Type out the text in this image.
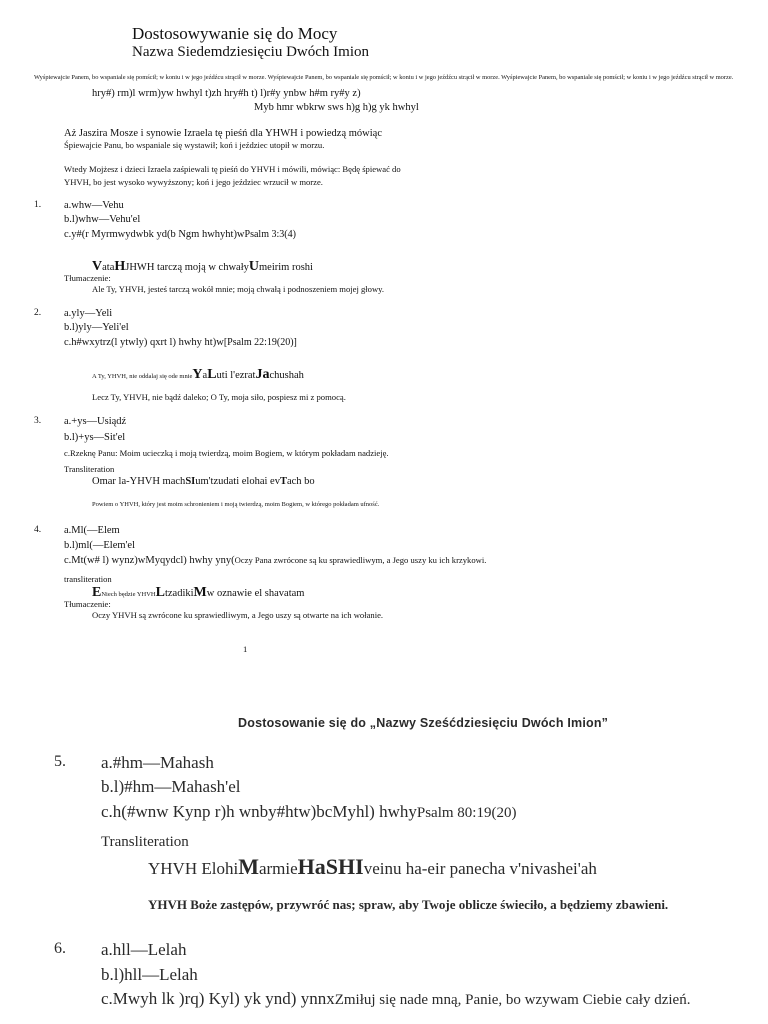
Dostosowywanie się do Mocy
Nazwa Siedemdziesięciu Dwóch Imion
Wyśpiewajcie Panem, bo wspaniale się pomścił; w koniu i w jego jeźdźcu strącił w morze. Wyśpiewajcie Panem, bo wspaniale się pomścił; w koniu i w jego jeźdźcu strącił w morze. Wyśpiewajcie Panem, bo wspaniale się pomścił; w koniu i w jego jeźdźcu strącił w morze.
hry#) rm)l wrm)yw hwhyl t)zh hry#h t) l)r#y ynbw h#m ry#y z)
Myb hmr wbkrw sws h)g h)g yk hwhyl
Aż Jaszira Mosze i synowie Izraela tę pieśń dla YHWH i powiedzą mówiąc
Śpiewajcie Panu, bo wspaniale się wystawił; koń i jeździec utopił w morzu.
Wtedy Mojżesz i dzieci Izraela zaśpiewali tę pieśń do YHVH i mówili, mówiąc: Będę śpiewać do
YHVH, bo jest wysoko wywyższony; koń i jego jeździec wrzucił w morze.
1. a.whw—Vehu
b.l)whw—Vehu'el
c.y#(r Myrmwydwbk yd(b Ngm hwhyht)wPsalm 3:3(4)
VataHJHWH tarczą moją w chwałyUmeirim roshi
Tłumaczenie:
Ale Ty, YHVH, jesteś tarczą wokół mnie; moją chwałą i podnoszeniem mojej głowy.
2. a.yly—Yeli
b.l)yly—Yeli'el
c.h#wxytrz(l ytwly) qxrt l) hwhy ht)w[Psalm 22:19(20)]
A Ty, YHVH, nie oddalaj się ode mnieYaLuti l'ezratJachushah
Lecz Ty, YHVH, nie bądź daleko; O Ty, moja siło, pospiesz mi z pomocą.
3. a.+ys—Usiądź
b.l)+ys—Sit'el
c.Rzeknę Panu: Moim ucieczką i moją twierdzą, moim Bogiem, w którym pokładam nadzieję.
Transliteration
Omar la-YHVH machSIum'tzudati elohai evTach bo
Powiem o YHVH, który jest moim schronieniem i moją twierdzą, moim Bogiem, w którego pokładam ufność.
4. a.Ml(—Elem
b.l)ml(—Elem'el
c.Mt(w# l) wynz)wMyqydcl) hwhy yny(Oczy Pana zwrócone są ku sprawiedliwym, a Jego uszy ku ich krzykowi.
transliteration
ENiech będzie YHVHLtzadikiMw oznawie el shavatam
Tłumaczenie:
Oczy YHVH są zwrócone ku sprawiedliwym, a Jego uszy są otwarte na ich wołanie.
1
Dostosowanie się do „Nazwy Sześćdziesięciu Dwóch Imion”
5. a.#hm—Mahash
b.l)#hm—Mahash'el
c.h(#wnw Kynp r)h wnby#htw)bcMyhl) hwhyPsalm 80:19(20)
Transliteration
YHVH ElohiMarmieHaSHIveinu ha-eir panecha v'nivashei'ah
YHVH Boże zastępów, przywróć nas; spraw, aby Twoje oblicze świeciło, a będziemy zbawieni.
6. a.hll—Lelah
b.l)hll—Lelah
c.Mwyh lk )rq) Kyl) yk ynd) ynnxZmiłuj się nade mną, Panie, bo wzywam Ciebie cały dzień.
